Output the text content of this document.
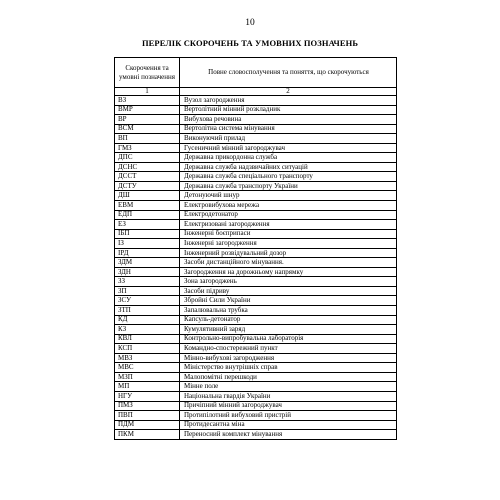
10
ПЕРЕЛІК СКОРОЧЕНЬ ТА УМОВНИХ ПОЗНАЧЕНЬ
Скорочення та умовні позначення	Повне словосполучення та поняття, що скорочуються
1	2
ВЗ	Вузол загородження
ВМР	Вертолітний мінний розкладник
ВР	Вибухова речовина
ВСМ	Вертолітна система мінування
ВП	Виконуючий прилад
ГМЗ	Гусеничний мінний загороджувач
ДПС	Державна прикордонна служба
ДСНС	Державна служба надзвичайних ситуацій
ДССТ	Державна служба спеціального транспорту
ДСТУ	Державна служба транспорту України
ДШ	Детонуючий шнур
ЕВМ	Електровибухова мережа
ЕДП	Електродетонатор
ЕЗ	Електризовані загородження
ІБП	Інженерні боєприпаси
ІЗ	Інженерні загородження
ІРД	Інженерний розвідувальний дозор
ЗДМ	Засоби дистанційного мінування.
ЗДН	Загородження на дорожньому напрямку
ЗЗ	Зона загороджень
ЗП	Засоби підриву
ЗСУ	Збройні Сили України
ЗТП	Запалювальна трубка
КД	Капсуль-детонатор
КЗ	Кумулятивний заряд
КВЛ	Контрольно-випробувальна лабораторія
КСП	Командно-спостережний пункт
МВЗ	Мінно-вибухові загородження
МВС	Міністерство внутрішніх справ
МЗП	Малопомітні перешкоди
МП	Мінне поле
НГУ	Національна гвардія України
ПМЗ	Причіпний мінний загороджувач
ПВП	Протипілотний вибуховий пристрій
ПДМ	Протидесантна міна
ПКМ	Переносний комплект мінування
